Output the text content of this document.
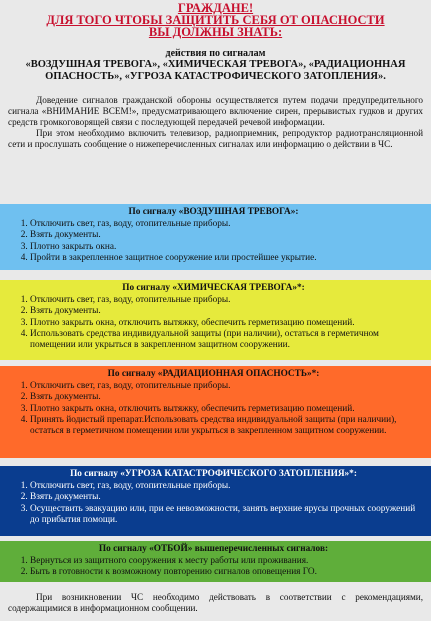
ГРАЖДАНЕ!
ДЛЯ ТОГО ЧТОБЫ ЗАЩИТИТЬ СЕБЯ ОТ ОПАСНОСТИ
ВЫ ДОЛЖНЫ ЗНАТЬ:
действия по сигналам
«ВОЗДУШНАЯ ТРЕВОГА», «ХИМИЧЕСКАЯ ТРЕВОГА», «РАДИАЦИОННАЯ
ОПАСНОСТЬ», «УГРОЗА КАТАСТРОФИЧЕСКОГО ЗАТОПЛЕНИЯ».

Доведение сигналов гражданской обороны осуществляется путем подачи предупредительного сигнала «ВНИМАНИЕ ВСЕМ!», предусматривающего включение сирен, прерывистых гудков и других средств громкоговорящей связи с последующей передачей речевой информации.

При этом необходимо включить телевизор, радиоприемник, репродуктор радиотрансляционной сети и прослушать сообщение о нижеперечисленных сигналах или информацию о действии в ЧС.

По сигналу «ВОЗДУШНАЯ ТРЕВОГА»:
1. Отключить свет, газ, воду, отопительные приборы.
2. Взять документы.
3. Плотно закрыть окна.
4. Пройти в закрепленное защитное сооружение или простейшее укрытие.
По сигналу «ХИМИЧЕСКАЯ ТРЕВОГА»*:
1. Отключить свет, газ, воду, отопительные приборы.
2. Взять документы.
3. Плотно закрыть окна, отключить вытяжку, обеспечить герметизацию помещений.
4. Использовать средства индивидуальной защиты (при наличии), остаться в герметичном помещении или укрыться в закрепленном защитном сооружении.
По сигналу «РАДИАЦИОННАЯ ОПАСНОСТЬ»*:
1. Отключить свет, газ, воду, отопительные приборы.
2. Взять документы.
3. Плотно закрыть окна, отключить вытяжку, обеспечить герметизацию помещений.
4. Принять йодистый препарат.Использовать средства индивидуальной защиты (при наличии), остаться в герметичном помещении или укрыться в закрепленном защитном сооружении.
По сигналу «УГРОЗА КАТАСТРОФИЧЕСКОГО ЗАТОПЛЕНИЯ»*:
1. Отключить свет, газ, воду, отопительные приборы.
2. Взять документы.
3. Осуществить эвакуацию или, при ее невозможности, занять верхние ярусы прочных сооружений до прибытия помощи.
По сигналу «ОТБОЙ» вышеперечисленных сигналов:
1. Вернуться из защитного сооружения к месту работы или проживания.
2. Быть в готовности к возможному повторению сигналов оповещения ГО.
При возникновении ЧС необходимо действовать в соответствии с рекомендациями, содержащимися в информационном сообщении.
